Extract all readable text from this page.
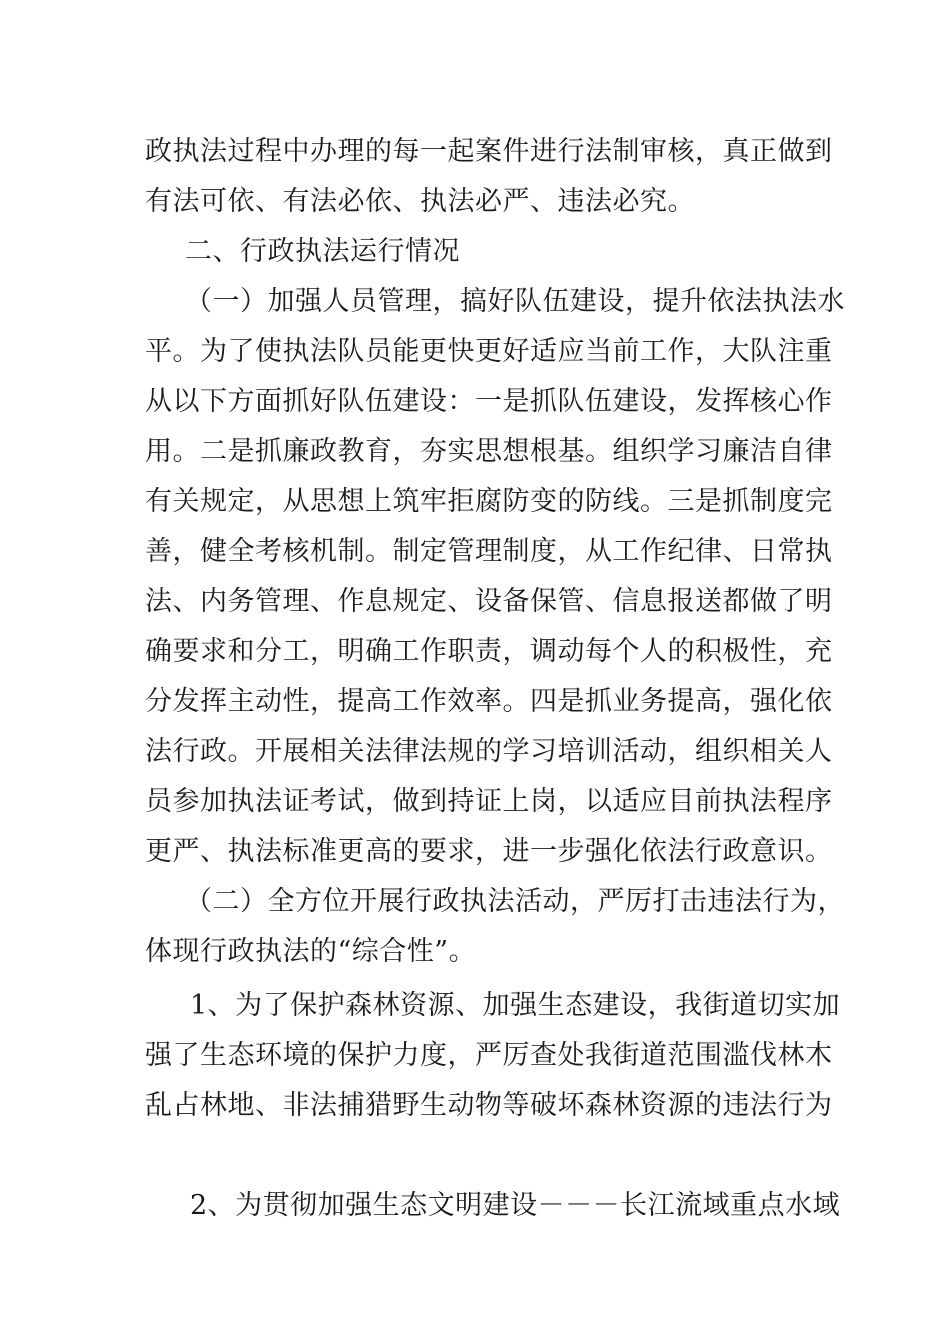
政执法过程中办理的每一起案件进行法制审核，真正做到
有法可依、有法必依、执法必严、违法必究。
二、行政执法运行情况
（一）加强人员管理，搞好队伍建设，提升依法执法水
平。为了使执法队员能更快更好适应当前工作，大队注重
从以下方面抓好队伍建设：一是抓队伍建设，发挥核心作
用。二是抓廉政教育，夯实思想根基。组织学习廉洁自律
有关规定，从思想上筑牢拒腐防变的防线。三是抓制度完
善，健全考核机制。制定管理制度，从工作纪律、日常执
法、内务管理、作息规定、设备保管、信息报送都做了明
确要求和分工，明确工作职责，调动每个人的积极性，充
分发挥主动性，提高工作效率。四是抓业务提高，强化依
法行政。开展相关法律法规的学习培训活动，组织相关人
员参加执法证考试，做到持证上岗，以适应目前执法程序
更严、执法标准更高的要求，进一步强化依法行政意识。
（二）全方位开展行政执法活动，严厉打击违法行为，
体现行政执法的“综合性”。
1、为了保护森林资源、加强生态建设，我街道切实加
强了生态环境的保护力度，严厉查处我街道范围滥伐林木
乱占林地、非法捕猎野生动物等破坏森林资源的违法行为
2、为贯彻加强生态文明建设－－－长江流域重点水域
